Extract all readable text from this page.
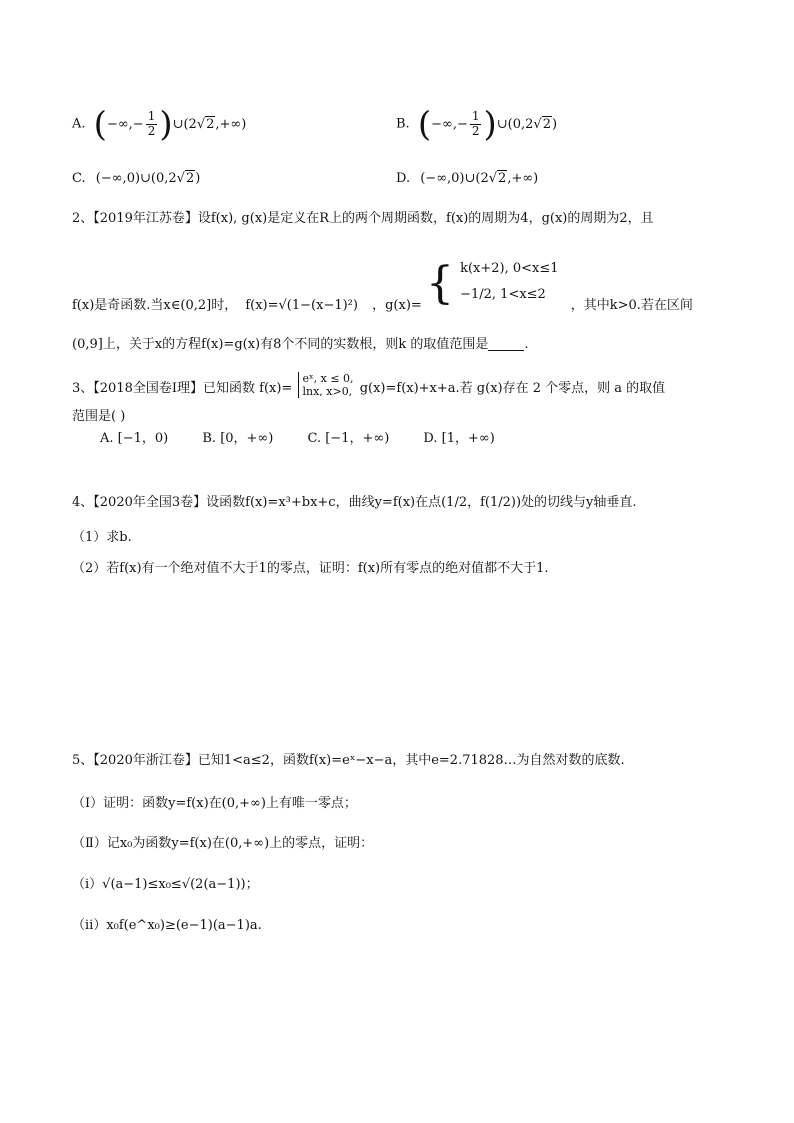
A. (−∞,− $\frac{1}{2}$ )∪(2√2,+∞)	B. (−∞,− $\frac{1}{2}$ )∪(0,2√2)
C. (−∞,0)∪(0,2√2)	D. (−∞,0)∪(2√2,+∞)
2、【2019年江苏卷】设f(x), g(x)是定义在R上的两个周期函数，f(x)的周期为4，g(x)的周期为2，且
f(x)是奇函数.当x∈(0,2]时， f(x)=√(1−(x−1)²) ，g(x)= { k(x+2), 0<x≤1
−1/2, 1<x≤2
，其中k>0.若在区间
(0,9]上，关于x的方程f(x)=g(x)有8个不同的实数根，则k 的取值范围是	.
3、【2018全国卷Ⅰ理】已知函数 f(x)=
eˣ, x ≤ 0,
lnx, x>0, g(x)=f(x)+x+a.若 g(x)存在 2 个零点，则 a 的取值
范围是( )
A. [−1，0)	B. [0，+∞)	C. [−1，+∞)	D. [1，+∞)
4、【2020年全国3卷】设函数f(x)=x³+bx+c，曲线y=f(x)在点(1/2，f(1/2))处的切线与y轴垂直.
（1）求b.
（2）若f(x)有一个绝对值不大于1的零点，证明：f(x)所有零点的绝对值都不大于1.
5、【2020年浙江卷】已知1<a≤2，函数f(x)=eˣ−x−a，其中e=2.71828…为自然对数的底数.
（Ⅰ）证明：函数y=f(x)在(0,+∞)上有唯一零点；
（Ⅱ）记x₀为函数y=f(x)在(0,+∞)上的零点，证明：
（ⅰ）√(a−1)≤x₀≤√(2(a−1))；
（ⅱ）x₀f(e^x₀)≥(e−1)(a−1)a.
